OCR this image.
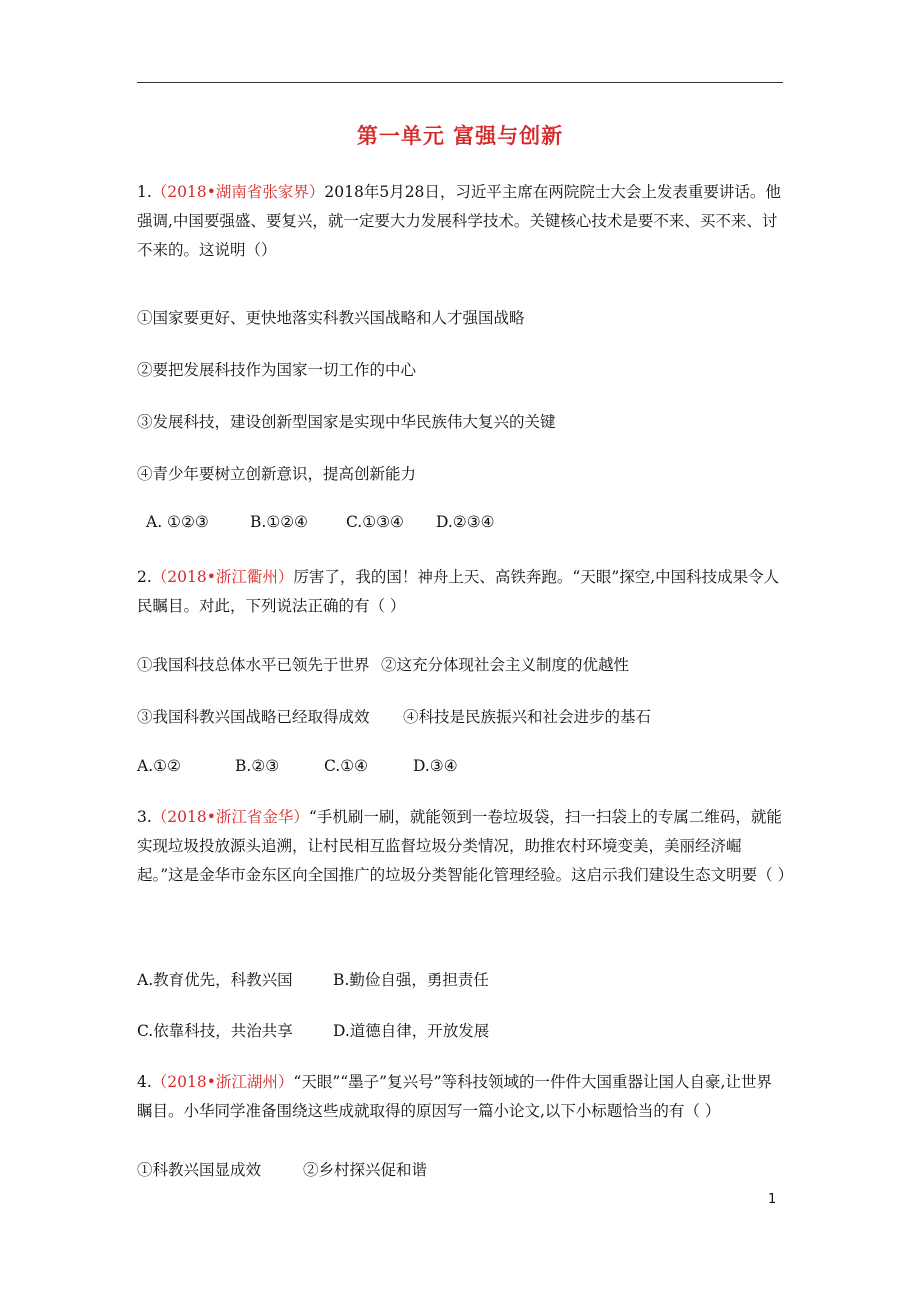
第一单元 富强与创新

1.（2018•湖南省张家界）2018年5月28日，习近平主席在两院院士大会上发表重要讲话。他强调,中国要强盛、要复兴，就一定要大力发展科学技术。关键核心技术是要不来、买不来、讨不来的。这说明（）

①国家要更好、更快地落实科教兴国战略和人才强国战略
②要把发展科技作为国家一切工作的中心
③发展科技，建设创新型国家是实现中华民族伟大复兴的关键
④青少年要树立创新意识，提高创新能力
A. ①②③	B.①②④ C.①③④ D.②③④

2.（2018•浙江衢州）厉害了，我的国！神舟上天、高铁奔跑。“天眼”探空,中国科技成果令人民瞩目。对此，下列说法正确的有（ ）

①我国科技总体水平已领先于世界 ②这充分体现社会主义制度的优越性
③我国科教兴国战略已经取得成效 ④科技是民族振兴和社会进步的基石
A.①②	B.②③	C.①④	D.③④

3.（2018•浙江省金华）“手机刷一刷，就能领到一卷垃圾袋，扫一扫袋上的专属二维码，就能实现垃圾投放源头追溯，让村民相互监督垃圾分类情况，助推农村环境变美，美丽经济崛起。”这是金华市金东区向全国推广的垃圾分类智能化管理经验。这启示我们建设生态文明要（ ）

A.教育优先，科教兴国	B.勤俭自强，勇担责任
C.依靠科技，共治共享	D.道德自律，开放发展

4.（2018•浙江湖州）“天眼”“墨子”复兴号”等科技领域的一件件大国重器让国人自豪,让世界瞩目。小华同学准备围绕这些成就取得的原因写一篇小论文,以下小标题恰当的有（ ）

①科教兴国显成效	②乡村探兴促和谐
1
